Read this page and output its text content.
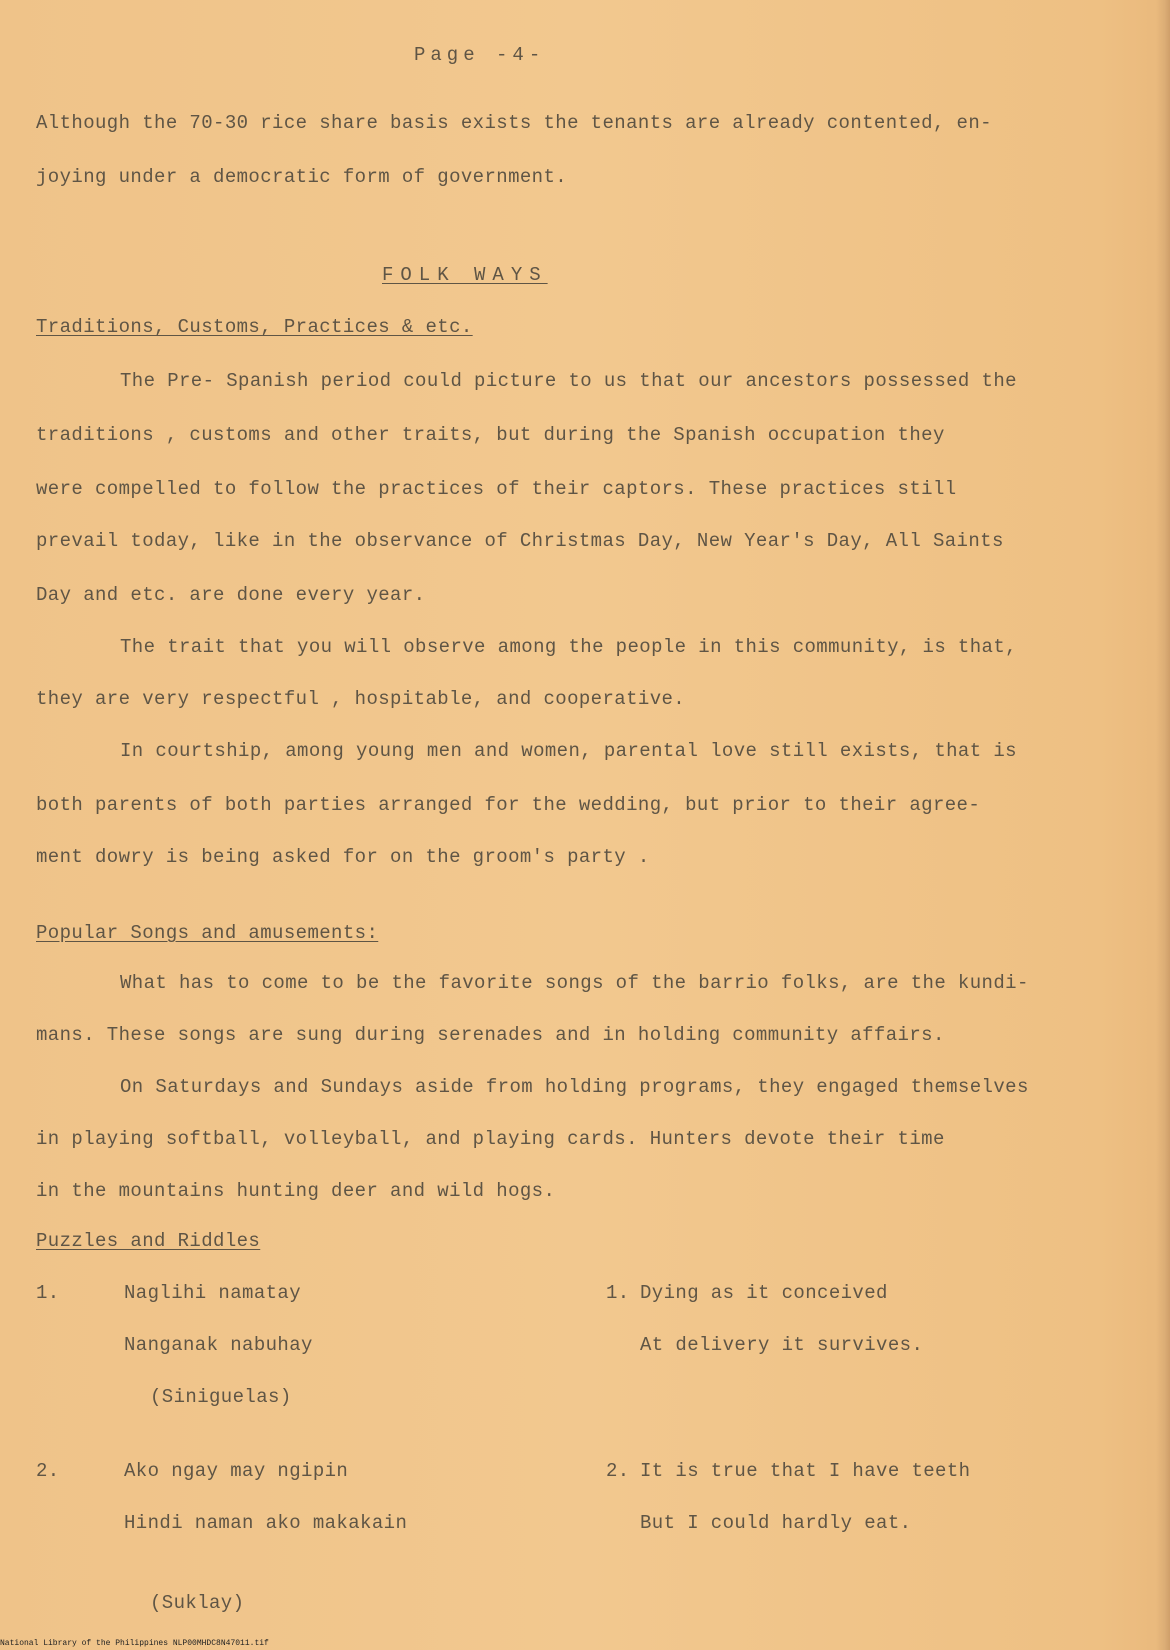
Page -4-
Although the 70-30 rice share basis exists the tenants are already contented, en-
joying under a democratic form of government.
FOLK WAYS
Traditions, Customs, Practices & etc.
The Pre- Spanish period could picture to us that our ancestors possessed the
traditions , customs and other traits, but during the Spanish occupation they
were compelled to follow the practices of their captors. These practices still
prevail today, like in the observance of Christmas Day, New Year's Day, All Saints
Day and etc. are done every year.
The trait that you will observe among the people in this community, is that,
they are very respectful , hospitable, and cooperative.
In courtship, among young men and women, parental love still exists, that is
both parents of both parties arranged for the wedding, but prior to their agree-
ment dowry is being asked for on the groom's party .
Popular Songs and amusements:
What has to come to be the favorite songs of the barrio folks, are the kundi-
mans. These songs are sung during serenades and in holding community affairs.
On Saturdays and Sundays aside from holding programs, they engaged themselves
in playing softball, volleyball, and playing cards. Hunters devote their time
in the mountains hunting deer and wild hogs.
Puzzles and Riddles
1.	Naglihi namatay
Nanganak nabuhay
(Siniguelas)
1. Dying as it conceived
At delivery it survives.
2.	Ako ngay may ngipin
Hindi naman ako makakain
(Suklay)
2. It is true that I have teeth
But I could hardly eat.
National Library of the Philippines NLP00MHDC8N47011.tif
